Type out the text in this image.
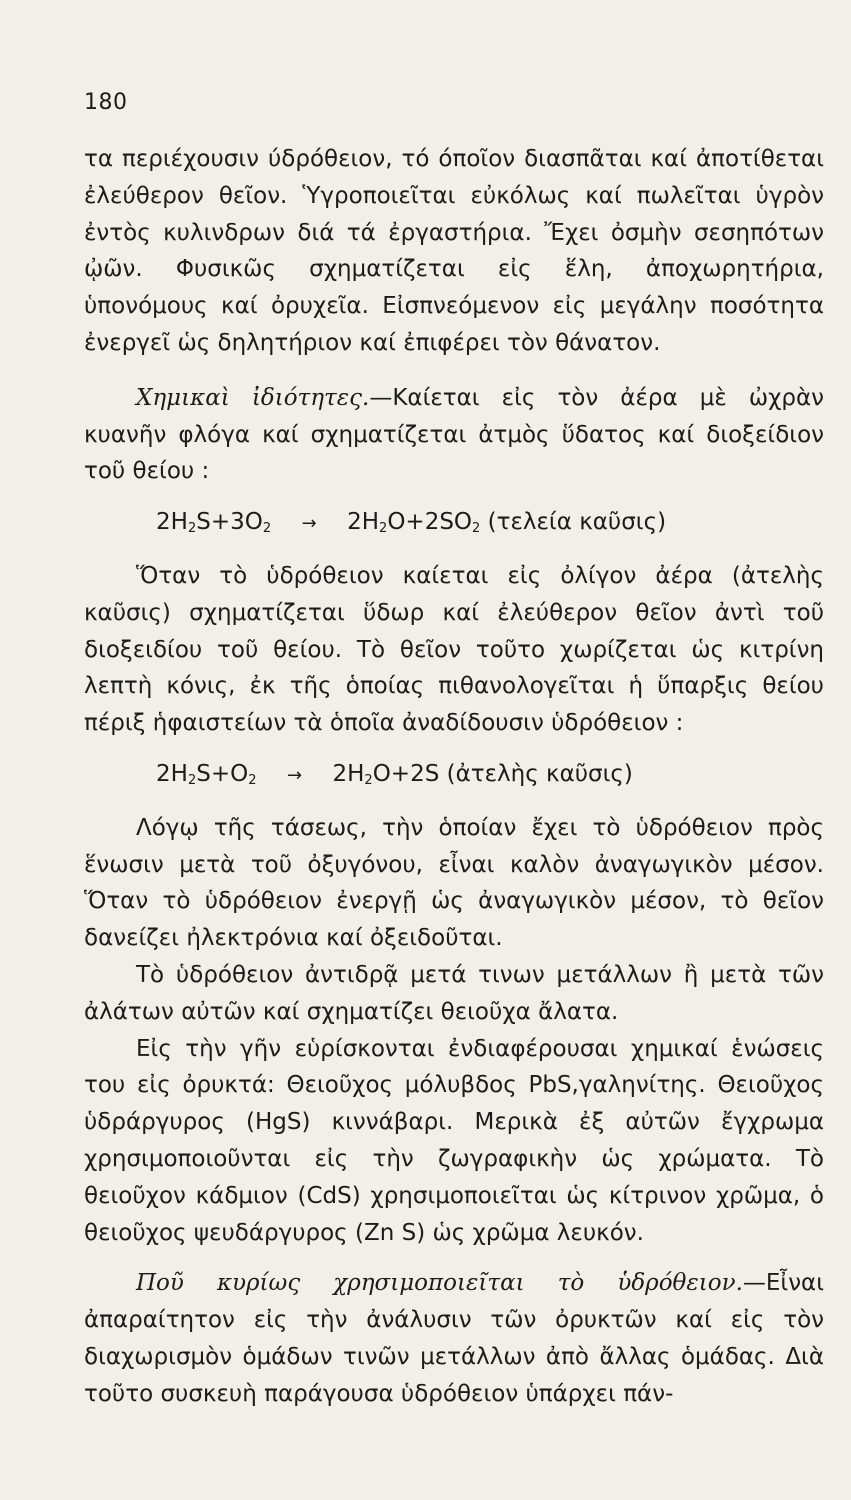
180

τα περιέχουσιν ύδρόθειον, τό όποῖον διασπᾶται καί ἀποτίθεται ἐλεύθερον θεῖον. Ὑγροποιεῖται εὐκόλως καί πωλεῖται ὑγρὸν ἐντὸς κυλινδρων διά τά ἐργαστήρια. Ἔχει ὀσμὴν σεσηπότων ᾠῶν. Φυσικῶς σχηματίζεται εἰς ἕλη, ἀποχωρητήρια, ὑπονόμους καί ὀρυχεῖα. Εἰσπνεόμενον εἰς μεγάλην ποσότητα ἐνεργεῖ ὡς δηλητήριον καί ἐπιφέρει τὸν θάνατον.

Χημικαὶ ἰδιότητες.—Καίεται εἰς τὸν ἀέρα μὲ ὠχρὰν κυανῆν φλόγα καί σχηματίζεται ἀτμὸς ὕδατος καί διοξείδιον τοῦ θείου :

$2H_2S+3O_2 \to 2H_2O+2SO_2$ (τελεία καῦσις)

Ὅταν τὸ ὑδρόθειον καίεται εἰς ὀλίγον ἀέρα (ἀτελὴς καῦσις) σχηματίζεται ὕδωρ καί ἐλεύθερον θεῖον ἀντὶ τοῦ διοξειδίου τοῦ θείου. Τὸ θεῖον τοῦτο χωρίζεται ὡς κιτρίνη λεπτὴ κόνις, ἐκ τῆς ὁποίας πιθανολογεῖται ἡ ὕπαρξις θείου πέριξ ἡφαιστείων τὰ ὁποῖα ἀναδίδουσιν ὑδρόθειον :

$2H_2S+O_2 \to 2H_2O+2S$ (ἀτελὴς καῦσις)

Λόγῳ τῆς τάσεως, τὴν ὁποίαν ἔχει τὸ ὑδρόθειον πρὸς ἕνωσιν μετὰ τοῦ ὀξυγόνου, εἶναι καλὸν ἀναγωγικὸν μέσον. Ὅταν τὸ ὑδρόθειον ἐνεργῇ ὡς ἀναγωγικὸν μέσον, τὸ θεῖον δανείζει ἠλεκτρόνια καί ὀξειδοῦται.

Τὸ ὑδρόθειον ἀντιδρᾷ μετά τινων μετάλλων ἢ μετὰ τῶν ἀλάτων αὐτῶν καί σχηματίζει θειοῦχα ἄλατα.

Εἰς τὴν γῆν εὑρίσκονται ἐνδιαφέρουσαι χημικαί ἑνώσεις του εἰς ὀρυκτά: Θειοῦχος μόλυβδος PbS,γαληνίτης. Θειοῦχος ὑδράργυρος (HgS) κιννάβαρι. Μερικὰ ἐξ αὐτῶν ἔγχρωμα χρησιμοποιοῦνται εἰς τὴν ζωγραφικὴν ὡς χρώματα. Τὸ θειοῦχον κάδμιον (CdS) χρησιμοποιεῖται ὡς κίτρινον χρῶμα, ὁ θειοῦχος ψευδάργυρος (Zn S) ὡς χρῶμα λευκόν.

Ποῦ κυρίως χρησιμοποιεῖται τὸ ὑδρόθειον.—Εἶναι ἀπαραίτητον εἰς τὴν ἀνάλυσιν τῶν ὀρυκτῶν καί εἰς τὸν διαχωρισμὸν ὁμάδων τινῶν μετάλλων ἀπὸ ἄλλας ὁμάδας. Διὰ τοῦτο συσκευὴ παράγουσα ὑδρόθειον ὑπάρχει πάν-
